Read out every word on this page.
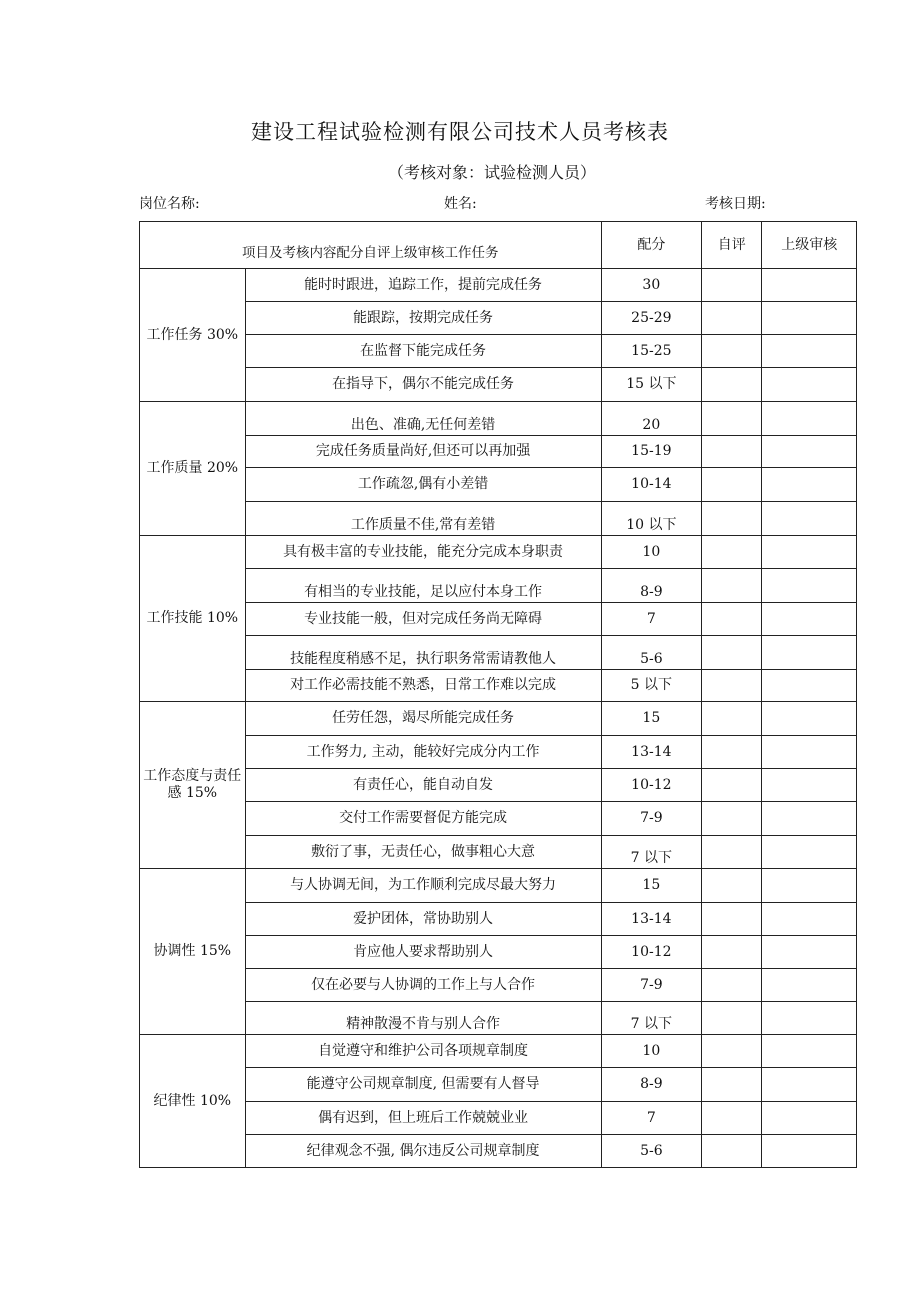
建设工程试验检测有限公司技术人员考核表
（考核对象：试验检测人员）
岗位名称:	姓名:	考核日期:
项目及考核内容配分自评上级审核工作任务		配分	自评	上级审核
工作任务 30%	能时时跟进，追踪工作，提前完成任务	30		
	能跟踪，按期完成任务	25-29		
	在监督下能完成任务	15-25		
	在指导下，偶尔不能完成任务	15 以下		
工作质量 20%	出色、准确,无任何差错	20		
	完成任务质量尚好,但还可以再加强	15-19		
	工作疏忽,偶有小差错	10-14		
	工作质量不佳,常有差错	10 以下		
工作技能 10%	具有极丰富的专业技能，能充分完成本身职责	10		
	有相当的专业技能，足以应付本身工作	8-9		
	专业技能一般，但对完成任务尚无障碍	7		
	技能程度稍感不足，执行职务常需请教他人	5-6		
	对工作必需技能不熟悉，日常工作难以完成	5 以下		
工作态度与责任感 15%	任劳任怨，竭尽所能完成任务	15		
	工作努力, 主动，能较好完成分内工作	13-14		
	有责任心，能自动自发	10-12		
	交付工作需要督促方能完成	7-9		
	敷衍了事，无责任心，做事粗心大意	7 以下		
协调性 15%	与人协调无间，为工作顺利完成尽最大努力	15		
	爱护团体，常协助别人	13-14		
	肯应他人要求帮助别人	10-12		
	仅在必要与人协调的工作上与人合作	7-9		
	精神散漫不肯与别人合作	7 以下		
纪律性 10%	自觉遵守和维护公司各项规章制度	10		
	能遵守公司规章制度, 但需要有人督导	8-9		
	偶有迟到，但上班后工作兢兢业业	7		
	纪律观念不强, 偶尔违反公司规章制度	5-6		
